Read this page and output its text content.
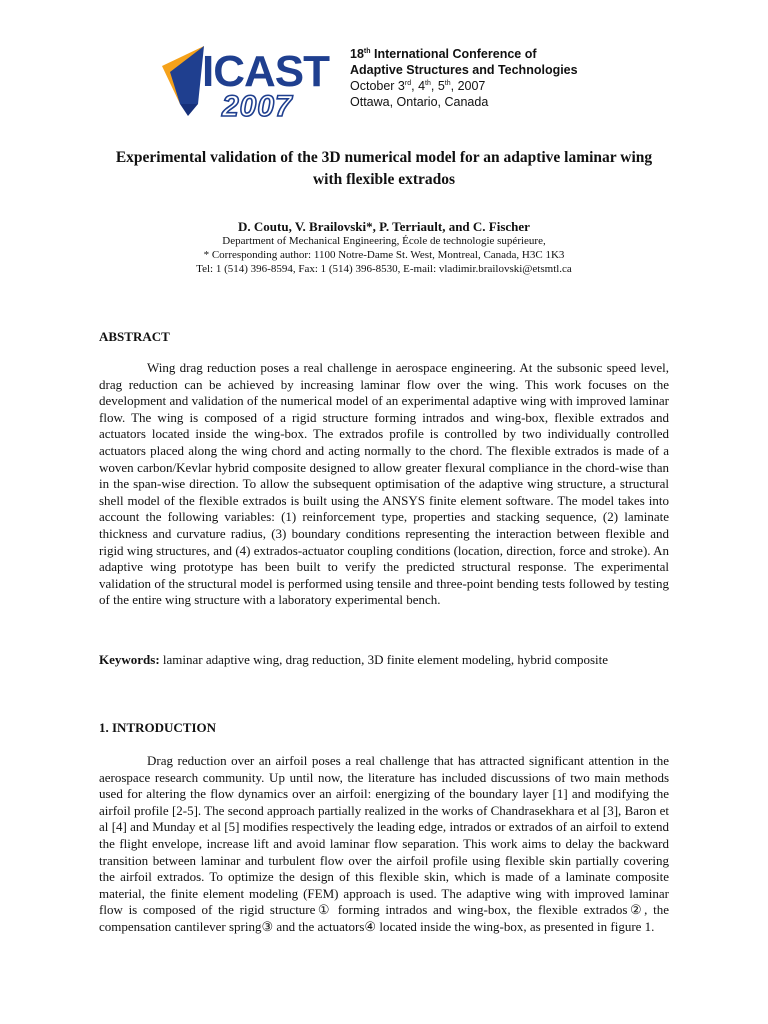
ICAST
2007
18th International Conference of
Adaptive Structures and Technologies
October 3rd, 4th, 5th, 2007
Ottawa, Ontario, Canada
Experimental validation of the 3D numerical model for an adaptive laminar wing
with flexible extrados
D. Coutu, V. Brailovski*, P. Terriault, and C. Fischer
Department of Mechanical Engineering, École de technologie supérieure,
* Corresponding author: 1100 Notre-Dame St. West, Montreal, Canada, H3C 1K3
Tel: 1 (514) 396-8594, Fax: 1 (514) 396-8530, E-mail: vladimir.brailovski@etsmtl.ca
ABSTRACT

Wing drag reduction poses a real challenge in aerospace engineering. At the subsonic speed level, drag reduction can be achieved by increasing laminar flow over the wing. This work focuses on the development and validation of the numerical model of an experimental adaptive wing with improved laminar flow. The wing is composed of a rigid structure forming intrados and wing-box, flexible extrados and actuators located inside the wing-box. The extrados profile is controlled by two individually controlled actuators placed along the wing chord and acting normally to the chord. The flexible extrados is made of a woven carbon/Kevlar hybrid composite designed to allow greater flexural compliance in the chord-wise than in the span-wise direction. To allow the subsequent optimisation of the adaptive wing structure, a structural shell model of the flexible extrados is built using the ANSYS finite element software. The model takes into account the following variables: (1) reinforcement type, properties and stacking sequence, (2) laminate thickness and curvature radius, (3) boundary conditions representing the interaction between flexible and rigid wing structures, and (4) extrados-actuator coupling conditions (location, direction, force and stroke). An adaptive wing prototype has been built to verify the predicted structural response. The experimental validation of the structural model is performed using tensile and three-point bending tests followed by testing of the entire wing structure with a laboratory experimental bench.

Keywords: laminar adaptive wing, drag reduction, 3D finite element modeling, hybrid composite
1. INTRODUCTION

Drag reduction over an airfoil poses a real challenge that has attracted significant attention in the aerospace research community. Up until now, the literature has included discussions of two main methods used for altering the flow dynamics over an airfoil: energizing of the boundary layer [1] and modifying the airfoil profile [2-5]. The second approach partially realized in the works of Chandrasekhara et al [3], Baron et al [4] and Munday et al [5] modifies respectively the leading edge, intrados or extrados of an airfoil to extend the flight envelope, increase lift and avoid laminar flow separation. This work aims to delay the backward transition between laminar and turbulent flow over the airfoil profile using flexible skin partially covering the airfoil extrados. To optimize the design of this flexible skin, which is made of a laminate composite material, the finite element modeling (FEM) approach is used. The adaptive wing with improved laminar flow is composed of the rigid structure① forming intrados and wing-box, the flexible extrados②, the compensation cantilever spring③ and the actuators④ located inside the wing-box, as presented in figure 1.
